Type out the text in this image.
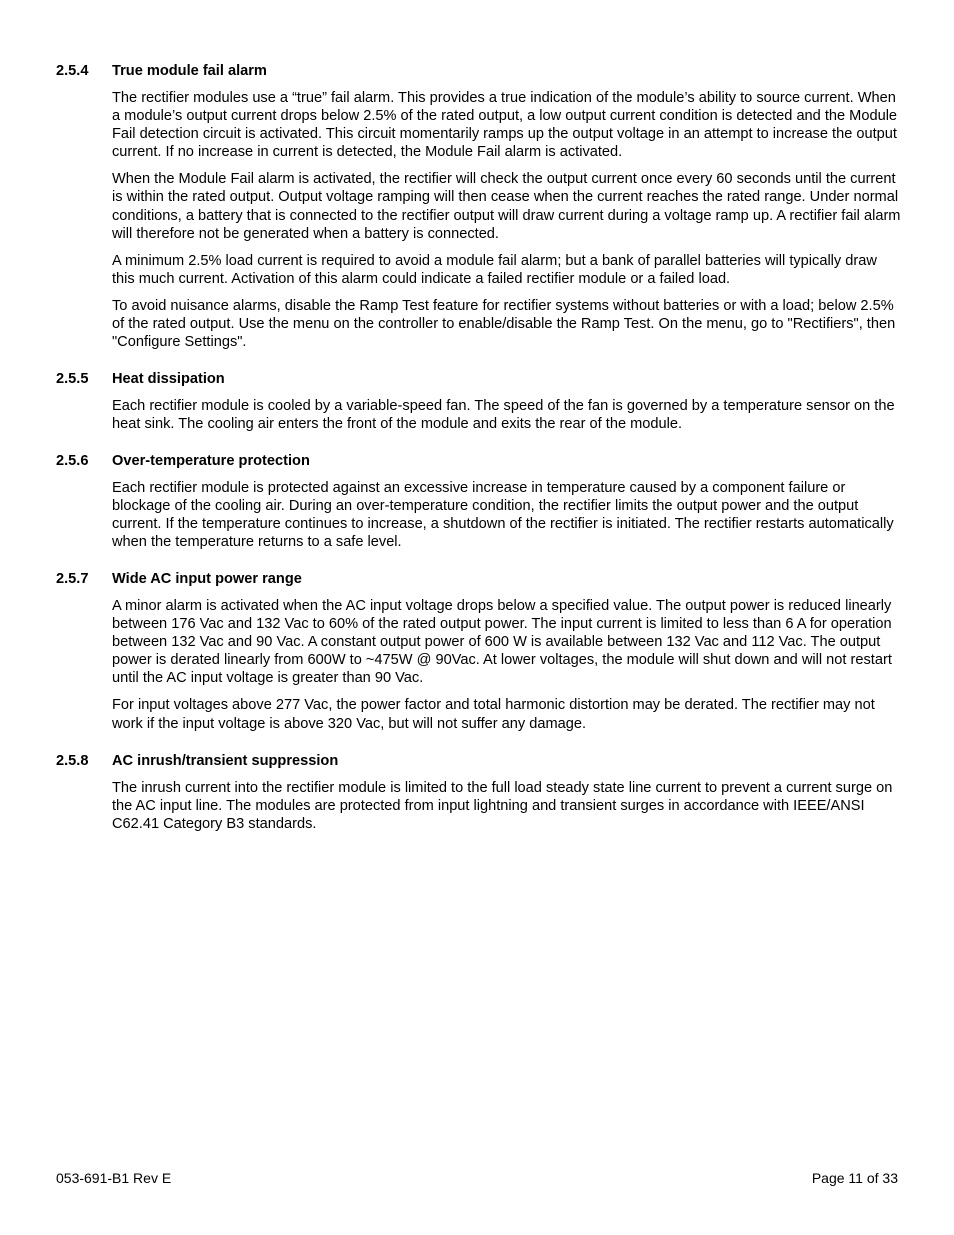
2.5.4 True module fail alarm
The rectifier modules use a “true” fail alarm. This provides a true indication of the module’s ability to source current. When a module’s output current drops below 2.5% of the rated output, a low output current condition is detected and the Module Fail detection circuit is activated. This circuit momentarily ramps up the output voltage in an attempt to increase the output current. If no increase in current is detected, the Module Fail alarm is activated.
When the Module Fail alarm is activated, the rectifier will check the output current once every 60 seconds until the current is within the rated output. Output voltage ramping will then cease when the current reaches the rated range. Under normal conditions, a battery that is connected to the rectifier output will draw current during a voltage ramp up. A rectifier fail alarm will therefore not be generated when a battery is connected.
A minimum 2.5% load current is required to avoid a module fail alarm; but a bank of parallel batteries will typically draw this much current. Activation of this alarm could indicate a failed rectifier module or a failed load.
To avoid nuisance alarms, disable the Ramp Test feature for rectifier systems without batteries or with a load; below 2.5% of the rated output. Use the menu on the controller to enable/disable the Ramp Test. On the menu, go to "Rectifiers", then "Configure Settings".
2.5.5 Heat dissipation
Each rectifier module is cooled by a variable-speed fan. The speed of the fan is governed by a temperature sensor on the heat sink. The cooling air enters the front of the module and exits the rear of the module.
2.5.6 Over-temperature protection
Each rectifier module is protected against an excessive increase in temperature caused by a component failure or blockage of the cooling air. During an over-temperature condition, the rectifier limits the output power and the output current. If the temperature continues to increase, a shutdown of the rectifier is initiated. The rectifier restarts automatically when the temperature returns to a safe level.
2.5.7 Wide AC input power range
A minor alarm is activated when the AC input voltage drops below a specified value. The output power is reduced linearly between 176 Vac and 132 Vac to 60% of the rated output power. The input current is limited to less than 6 A for operation between 132 Vac and 90 Vac. A constant output power of 600 W is available between 132 Vac and 112 Vac. The output power is derated linearly from 600W to ~475W @ 90Vac. At lower voltages, the module will shut down and will not restart until the AC input voltage is greater than 90 Vac.
For input voltages above 277 Vac, the power factor and total harmonic distortion may be derated. The rectifier may not work if the input voltage is above 320 Vac, but will not suffer any damage.
2.5.8 AC inrush/transient suppression
The inrush current into the rectifier module is limited to the full load steady state line current to prevent a current surge on the AC input line. The modules are protected from input lightning and transient surges in accordance with IEEE/ANSI C62.41 Category B3 standards.
053-691-B1 Rev E	Page 11 of 33
